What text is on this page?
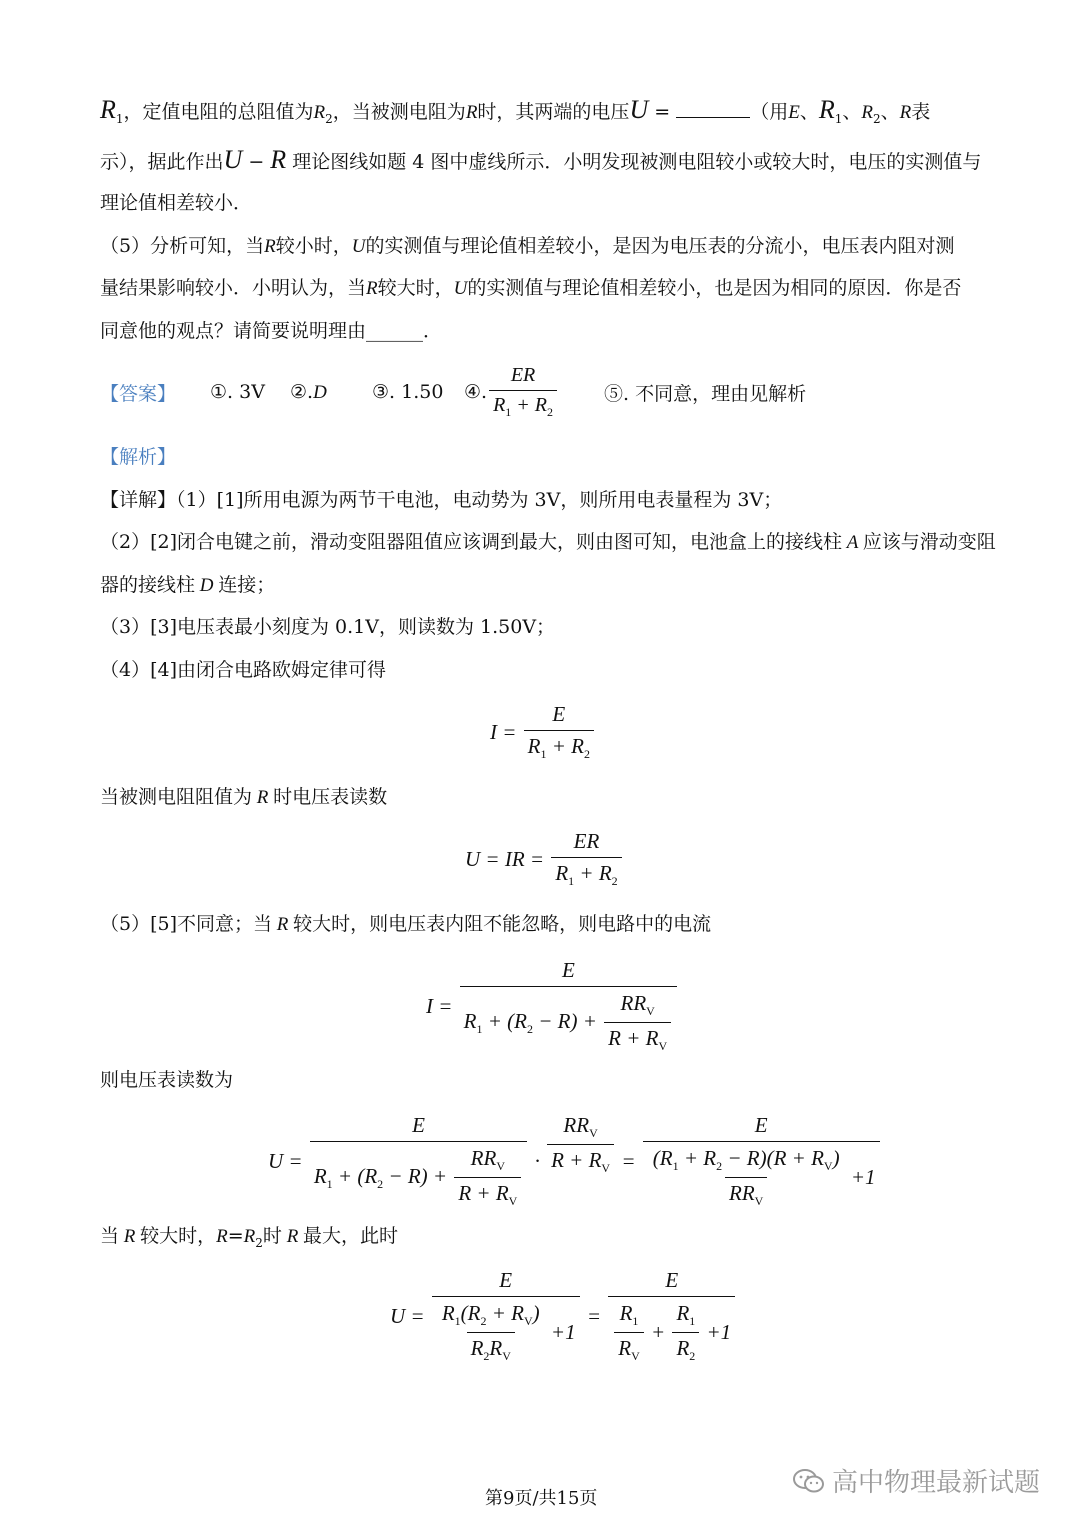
$R_1$，定值电阻的总阻值为$R_2$，当被测电阻为R时，其两端的电压U =	（用E、$R_1$、$R_2$、R表
示），据此作出U − R 理论图线如题 4 图中虚线所示．小明发现被测电阻较小或较大时，电压的实测值与
理论值相差较小．
（5）分析可知，当R较小时，U的实测值与理论值相差较小，是因为电压表的分流小，电压表内阻对测
量结果影响较小．小明认为，当R较大时，U的实测值与理论值相差较小，也是因为相同的原因．你是否
同意他的观点？请简要说明理由______．
【答案】	①. 3V	②.D	③. 1.50	④. $\frac{ER}{R_1 + R_2}$ ⑤. 不同意，理由见解析
【解析】
【详解】（1）[1]所用电源为两节干电池，电动势为 3V，则所用电表量程为 3V；
（2）[2]闭合电键之前，滑动变阻器阻值应该调到最大，则由图可知，电池盒上的接线柱 A 应该与滑动变阻
器的接线柱 D 连接；
（3）[3]电压表最小刻度为 0.1V，则读数为 1.50V；
（4）[4]由闭合电路欧姆定律可得
$I = \frac{E}{R_1 + R_2}$
当被测电阻阻值为 R 时电压表读数
U = IR = $\frac{ER}{R_1 + R_2}$
（5）[5]不同意；当 R 较大时，则电压表内阻不能忽略，则电路中的电流
$I = \frac{E}{R_1 + (R_2 - R) + \frac{RR_V}{R + R_V}}$
则电压表读数为
$U = \frac{E}{R_1 + (R_2 - R) + \frac{RR_V}{R + R_V}} \cdot \frac{RR_V}{R + R_V} = \frac{E}{\frac{(R_1 + R_2 - R)(R + R_V)}{RR_V} +1}$
当 R 较大时，$R=R_2$时 R 最大，此时
$U = \frac{E}{\frac{R_1(R_2 + R_V)}{R_2R_V} +1}$ =
E
$\frac{R_1}{R_V} + \frac{R_1}{R_2} +1$
第9页/共15页
高中物理最新试题
